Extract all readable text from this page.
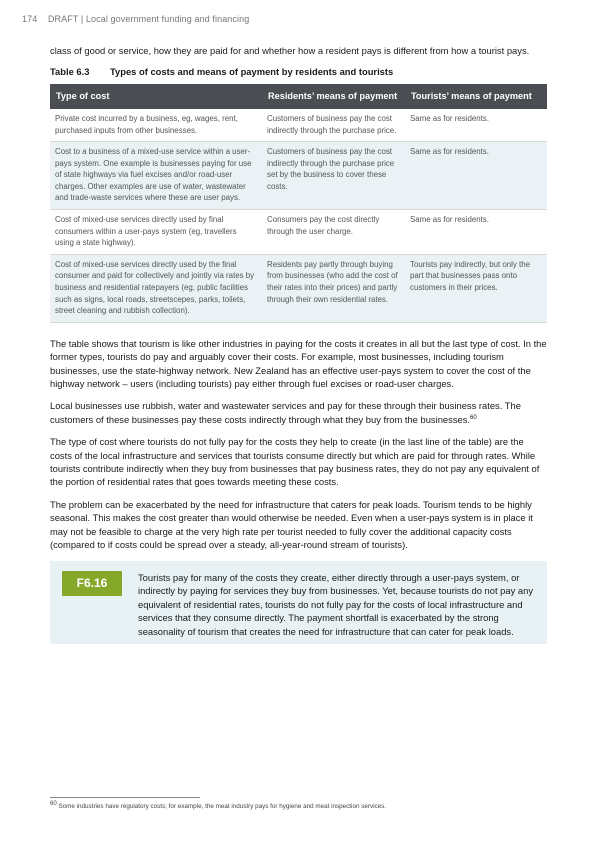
174 DRAFT | Local government funding and financing

class of good or service, how they are paid for and whether how a resident pays is different from how a tourist pays.

Table 6.3 Types of costs and means of payment by residents and tourists
Type of cost	Residents’ means of payment	Tourists’ means of payment
Private cost incurred by a business, eg, wages, rent, purchased inputs from other businesses.	Customers of business pay the cost indirectly through the purchase price.	Same as for residents.
Cost to a business of a mixed-use service within a user-pays system. One example is businesses paying for use of state highways via fuel excises and/or road-user charges. Other examples are use of water, wastewater and trade-waste services where these are user pays.	Customers of business pay the cost indirectly through the purchase price set by the business to cover these costs.	Same as for residents.
Cost of mixed-use services directly used by final consumers within a user-pays system (eg, travellers using a state highway).	Consumers pay the cost directly through the user charge.	Same as for residents.
Cost of mixed-use services directly used by the final consumer and paid for collectively and jointly via rates by business and residential ratepayers (eg, public facilities such as signs, local roads, streetscepes, parks, toilets, street cleaning and rubbish collection).	Residents pay partly through buying from businesses (who add the cost of their rates into their prices) and partly through their own residential rates.	Tourists pay indirectly, but only the part that businesses pass onto customers in their prices.

The table shows that tourism is like other industries in paying for the costs it creates in all but the last type of cost. In the former types, tourists do pay and arguably cover their costs. For example, most businesses, including tourism businesses, use the state-highway network. New Zealand has an effective user-pays system to cover the cost of the highway network – users (including tourists) pay either through fuel excises or road-user charges.

Local businesses use rubbish, water and wastewater services and pay for these through their business rates. The customers of these businesses pay these costs indirectly through what they buy from the businesses.$^{60}$

The type of cost where tourists do not fully pay for the costs they help to create (in the last line of the table) are the costs of the local infrastructure and services that tourists consume directly but which are paid for through rates. While tourists contribute indirectly when they buy from businesses that pay business rates, they do not pay any equivalent of the portion of residential rates that goes towards meeting these costs.

The problem can be exacerbated by the need for infrastructure that caters for peak loads. Tourism tends to be highly seasonal. This makes the cost greater than would otherwise be needed. Even when a user-pays system is in place it may not be feasible to charge at the very high rate per tourist needed to fully cover the additional capacity costs (compared to if costs could be spread over a steady, all-year-round stream of tourists).

F6.16	Tourists pay for many of the costs they create, either directly through a user-pays system, or indirectly by paying for services they buy from businesses. Yet, because tourists do not pay any equivalent of residential rates, tourists do not fully pay for the costs of local infrastructure and services that they consume directly. The payment shortfall is exacerbated by the strong seasonality of tourism that creates the need for infrastructure that can cater for peak loads.
$^{60}$ Some industries have regulatory costs; for example, the meat industry pays for hygiene and meat inspection services.
